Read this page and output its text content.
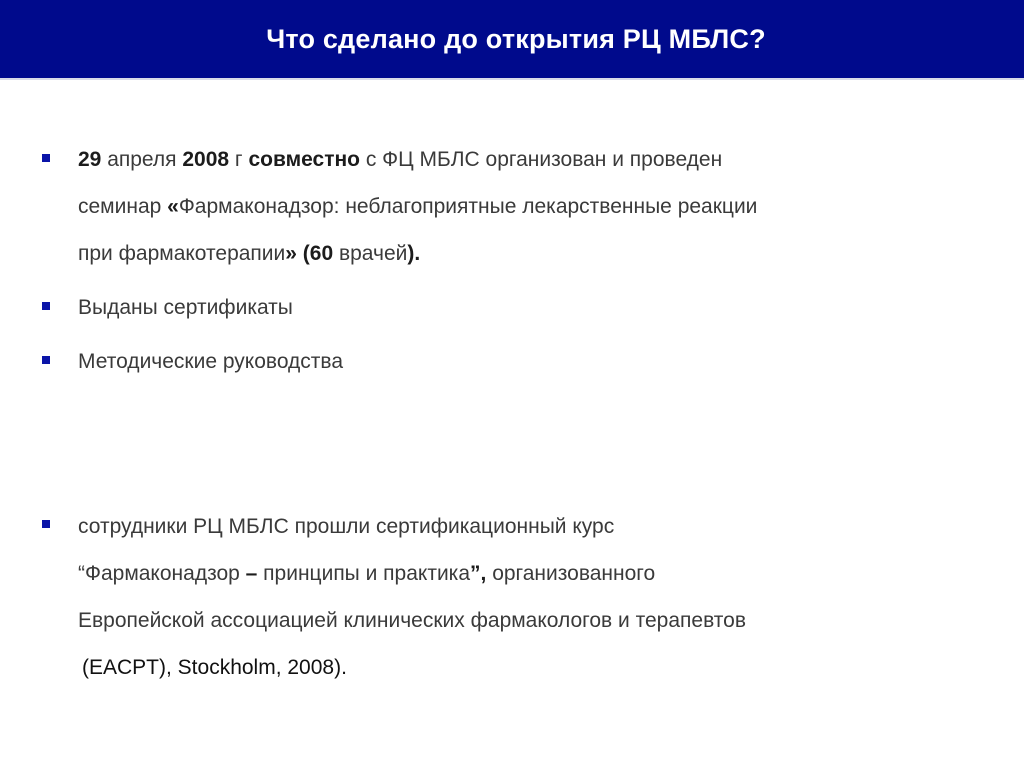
Что сделано до открытия РЦ МБЛС?
29 апреля 2008 г совместно с ФЦ МБЛС организован и проведен
семинар «Фармаконадзор: неблагоприятные лекарственные реакции
при фармакотерапии» (60 врачей).

Выданы сертификаты

Методические руководства

сотрудники РЦ МБЛС прошли сертификационный курс
“Фармаконадзор – принципы и практика”, организованного
Европейской ассоциацией клинических фармакологов и терапевтов
(EACPT), Stockholm, 2008).
